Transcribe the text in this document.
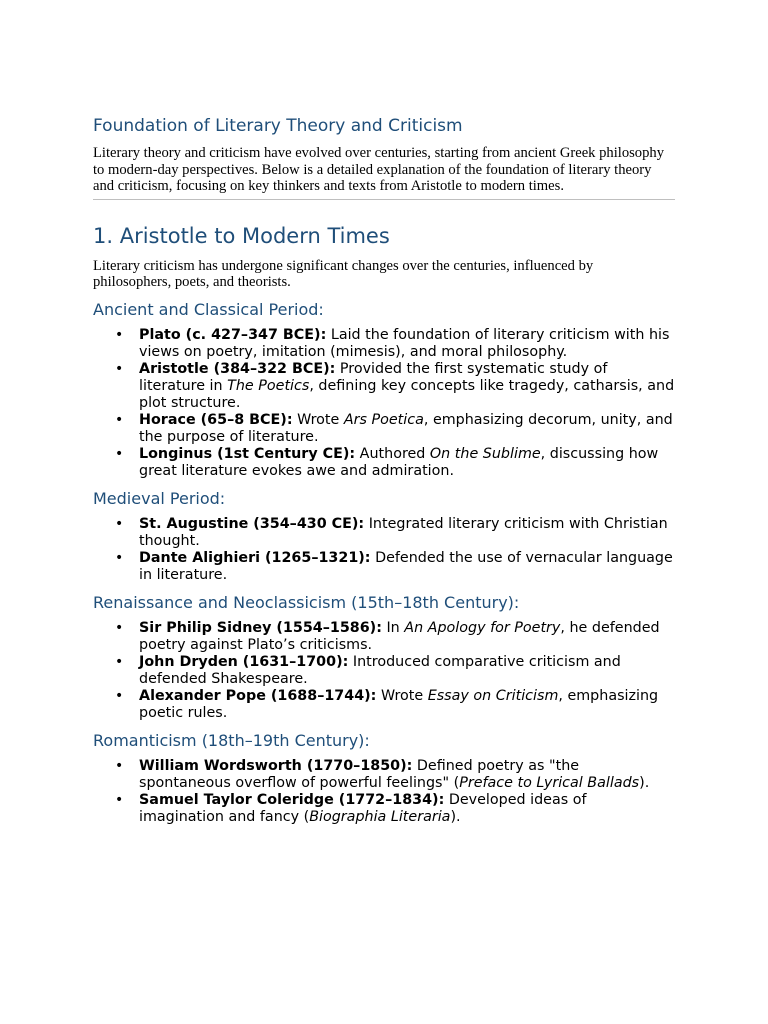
Foundation of Literary Theory and Criticism

Literary theory and criticism have evolved over centuries, starting from ancient Greek philosophy to modern-day perspectives. Below is a detailed explanation of the foundation of literary theory and criticism, focusing on key thinkers and texts from Aristotle to modern times.

1. Aristotle to Modern Times

Literary criticism has undergone significant changes over the centuries, influenced by philosophers, poets, and theorists.

Ancient and Classical Period:
• Plato (c. 427–347 BCE): Laid the foundation of literary criticism with his views on poetry, imitation (mimesis), and moral philosophy.
• Aristotle (384–322 BCE): Provided the first systematic study of literature in The Poetics, defining key concepts like tragedy, catharsis, and plot structure.
• Horace (65–8 BCE): Wrote Ars Poetica, emphasizing decorum, unity, and the purpose of literature.
• Longinus (1st Century CE): Authored On the Sublime, discussing how great literature evokes awe and admiration.
Medieval Period:
• St. Augustine (354–430 CE): Integrated literary criticism with Christian thought.
• Dante Alighieri (1265–1321): Defended the use of vernacular language in literature.
Renaissance and Neoclassicism (15th–18th Century):
• Sir Philip Sidney (1554–1586): In An Apology for Poetry, he defended poetry against Plato’s criticisms.
• John Dryden (1631–1700): Introduced comparative criticism and defended Shakespeare.
• Alexander Pope (1688–1744): Wrote Essay on Criticism, emphasizing poetic rules.
Romanticism (18th–19th Century):
• William Wordsworth (1770–1850): Defined poetry as "the spontaneous overflow of powerful feelings" (Preface to Lyrical Ballads).
• Samuel Taylor Coleridge (1772–1834): Developed ideas of imagination and fancy (Biographia Literaria).
